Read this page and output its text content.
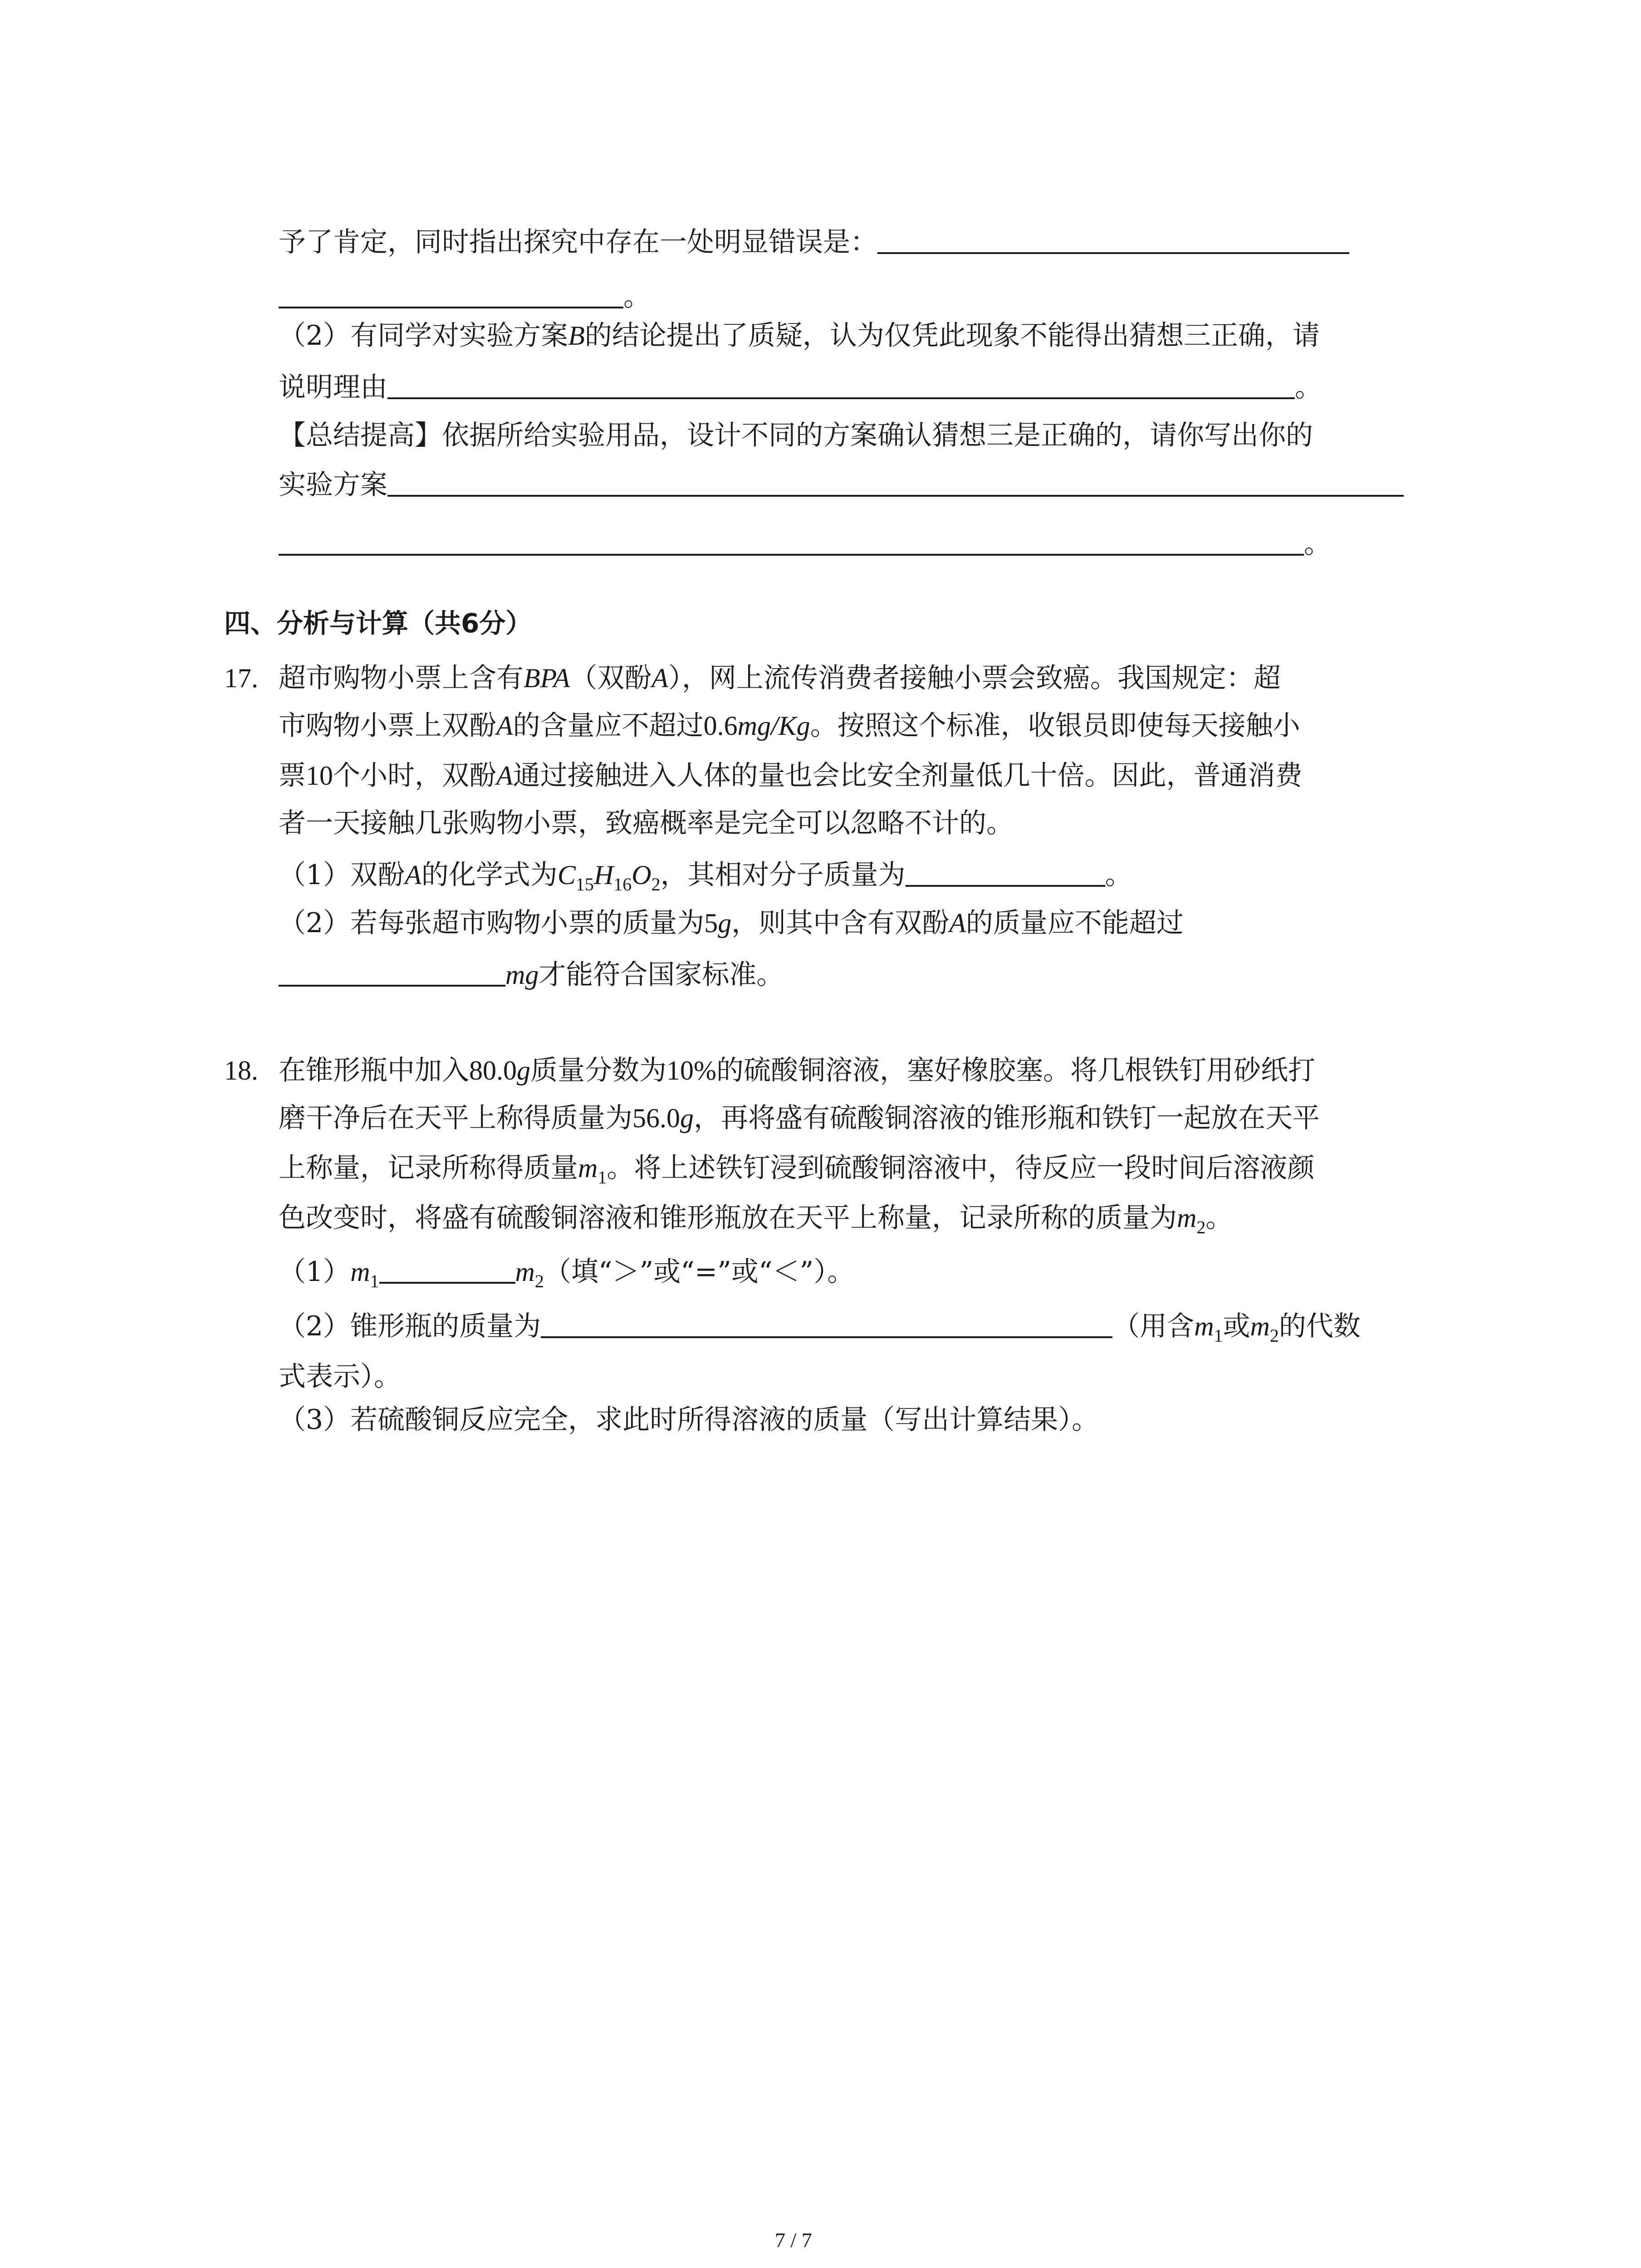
予了肯定，同时指出探究中存在一处明显错误是：
。
（2）有同学对实验方案B的结论提出了质疑，认为仅凭此现象不能得出猜想三正确，请
说明理由	。
【总结提高】依据所给实验用品，设计不同的方案确认猜想三是正确的，请你写出你的
实验方案
。
四、分析与计算（共6分）
17. 超市购物小票上含有BPA（双酚A），网上流传消费者接触小票会致癌。我国规定：超
市购物小票上双酚A的含量应不超过0.6mg/Kg。按照这个标准，收银员即使每天接触小
票10个小时，双酚A通过接触进入人体的量也会比安全剂量低几十倍。因此，普通消费
者一天接触几张购物小票，致癌概率是完全可以忽略不计的。
（1）双酚A的化学式为$C_{15}H_{16}O_2$，其相对分子质量为	。
（2）若每张超市购物小票的质量为5g，则其中含有双酚A的质量应不能超过
mg才能符合国家标准。
18. 在锥形瓶中加入80.0g质量分数为10%的硫酸铜溶液，塞好橡胶塞。将几根铁钉用砂纸打
磨干净后在天平上称得质量为56.0g，再将盛有硫酸铜溶液的锥形瓶和铁钉一起放在天平
上称量，记录所称得质量$m_1$。将上述铁钉浸到硫酸铜溶液中，待反应一段时间后溶液颜
色改变时，将盛有硫酸铜溶液和锥形瓶放在天平上称量，记录所称的质量为$m_2$。
$(1)m_1$	$m_2$（填“＞”或“=”或“＜”）。
（2）锥形瓶的质量为	（用含$m_1$或$m_2$的代数
式表示）。
（3）若硫酸铜反应完全，求此时所得溶液的质量（写出计算结果）。
7 / 7
